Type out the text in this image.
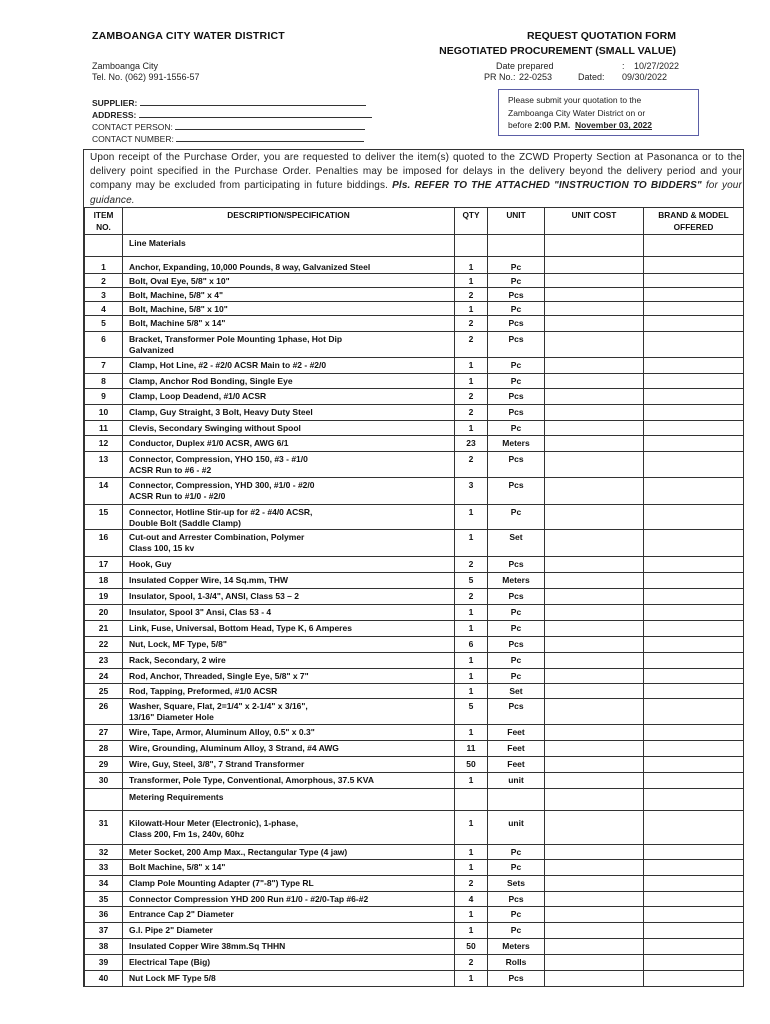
ZAMBOANGA CITY WATER DISTRICT	REQUEST QUOTATION FORM
NEGOTIATED PROCUREMENT (SMALL VALUE)
Zamboanga City
Tel. No. (062) 991-1556-57
Date prepared	: 10/27/2022
PR No.: 22-0253	Dated: 09/30/2022
SUPPLIER:
ADDRESS:
CONTACT PERSON:
CONTACT NUMBER:
Please submit your quotation to the
Zamboanga City Water District on or
before 2:00 P.M. November 03, 2022
Upon receipt of the Purchase Order, you are requested to deliver the item(s) quoted to the ZCWD Property Section at Pasonanca or to the delivery point specified in the Purchase Order. Penalties may be imposed for delays in the delivery beyond the delivery period and your company may be excluded from participating in future biddings. Pls. REFER TO THE ATTACHED "INSTRUCTION TO BIDDERS" for your guidance.
ITEM
NO.	DESCRIPTION/SPECIFICATION	QTY	UNIT	UNIT COST	BRAND & MODEL
OFFERED
	Line Materials				
1	Anchor, Expanding, 10,000 Pounds, 8 way, Galvanized Steel	1	Pc		
2	Bolt, Oval Eye, 5/8" x 10"	1	Pc		
3	Bolt, Machine, 5/8" x 4"	2	Pcs		
4	Bolt, Machine, 5/8" x 10"	1	Pc		
5	Bolt, Machine 5/8" x 14"	2	Pcs		
6	Bracket, Transformer Pole Mounting 1phase, Hot Dip
Galvanized	2	Pcs		
7	Clamp, Hot Line, #2 - #2/0 ACSR Main to #2 - #2/0	1	Pc		
8	Clamp, Anchor Rod Bonding, Single Eye	1	Pc		
9	Clamp, Loop Deadend, #1/0 ACSR	2	Pcs		
10	Clamp, Guy Straight, 3 Bolt, Heavy Duty Steel	2	Pcs		
11	Clevis, Secondary Swinging without Spool	1	Pc		
12	Conductor, Duplex #1/0 ACSR, AWG 6/1	23	Meters		
13	Connector, Compression, YHO 150, #3 - #1/0
ACSR Run to #6 - #2	2	Pcs		
14	Connector, Compression, YHD 300, #1/0 - #2/0
ACSR Run to #1/0 - #2/0	3	Pcs		
15	Connector, Hotline Stir-up for #2 - #4/0 ACSR,
Double Bolt (Saddle Clamp)	1	Pc		
16	Cut-out and Arrester Combination, Polymer
Class 100, 15 kv	1	Set		
17	Hook, Guy	2	Pcs		
18	Insulated Copper Wire, 14 Sq.mm, THW	5	Meters		
19	Insulator, Spool, 1-3/4", ANSI, Class 53 – 2	2	Pcs		
20	Insulator, Spool 3" Ansi, Clas 53 - 4	1	Pc		
21	Link, Fuse, Universal, Bottom Head, Type K, 6 Amperes	1	Pc		
22	Nut, Lock, MF Type, 5/8"	6	Pcs		
23	Rack, Secondary, 2 wire	1	Pc		
24	Rod, Anchor, Threaded, Single Eye, 5/8" x 7"	1	Pc		
25	Rod, Tapping, Preformed, #1/0 ACSR	1	Set		
26	Washer, Square, Flat, 2=1/4" x 2-1/4" x 3/16",
13/16" Diameter Hole	5	Pcs		
27	Wire, Tape, Armor, Aluminum Alloy, 0.5" x 0.3"	1	Feet		
28	Wire, Grounding, Aluminum Alloy, 3 Strand, #4 AWG	11	Feet		
29	Wire, Guy, Steel, 3/8", 7 Strand Transformer	50	Feet		
30	Transformer, Pole Type, Conventional, Amorphous, 37.5 KVA	1	unit		
	Metering Requirements				
31	Kilowatt-Hour Meter (Electronic), 1-phase,
Class 200, Fm 1s, 240v, 60hz	1	unit		
32	Meter Socket, 200 Amp Max., Rectangular Type (4 jaw)	1	Pc		
33	Bolt Machine, 5/8" x 14"	1	Pc		
34	Clamp Pole Mounting Adapter (7"-8") Type RL	2	Sets		
35	Connector Compression YHD 200 Run #1/0 - #2/0-Tap #6-#2	4	Pcs		
36	Entrance Cap 2" Diameter	1	Pc		
37	G.I. Pipe 2" Diameter	1	Pc		
38	Insulated Copper Wire 38mm.Sq THHN	50	Meters		
39	Electrical Tape (Big)	2	Rolls		
40	Nut Lock MF Type 5/8	1	Pcs		
